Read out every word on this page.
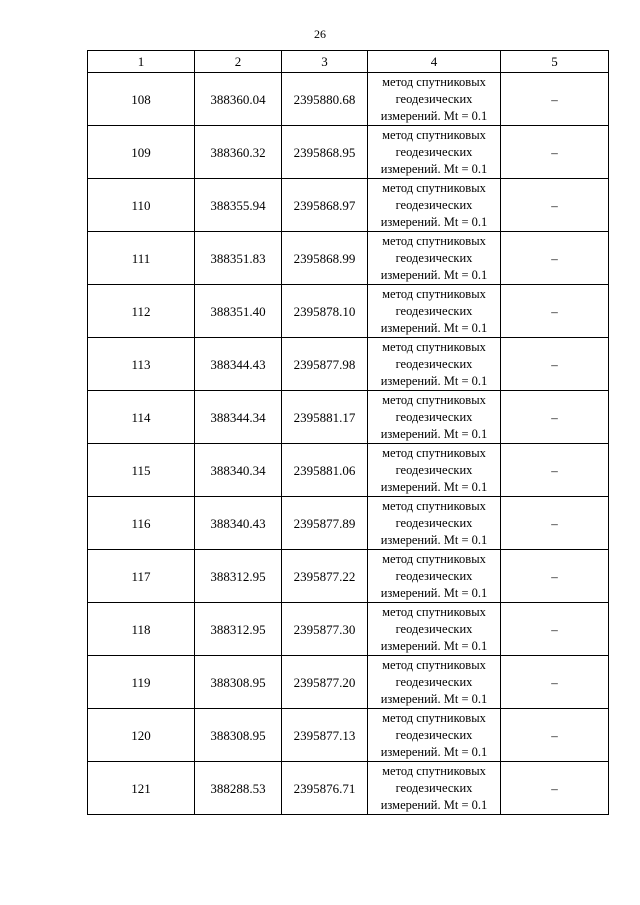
26
1	2	3	4	5
108	388360.04	2395880.68	метод спутниковых
геодезических
измерений. Mt = 0.1	–
109	388360.32	2395868.95	метод спутниковых
геодезических
измерений. Mt = 0.1	–
110	388355.94	2395868.97	метод спутниковых
геодезических
измерений. Mt = 0.1	–
111	388351.83	2395868.99	метод спутниковых
геодезических
измерений. Mt = 0.1	–
112	388351.40	2395878.10	метод спутниковых
геодезических
измерений. Mt = 0.1	–
113	388344.43	2395877.98	метод спутниковых
геодезических
измерений. Mt = 0.1	–
114	388344.34	2395881.17	метод спутниковых
геодезических
измерений. Mt = 0.1	–
115	388340.34	2395881.06	метод спутниковых
геодезических
измерений. Mt = 0.1	–
116	388340.43	2395877.89	метод спутниковых
геодезических
измерений. Mt = 0.1	–
117	388312.95	2395877.22	метод спутниковых
геодезических
измерений. Mt = 0.1	–
118	388312.95	2395877.30	метод спутниковых
геодезических
измерений. Mt = 0.1	–
119	388308.95	2395877.20	метод спутниковых
геодезических
измерений. Mt = 0.1	–
120	388308.95	2395877.13	метод спутниковых
геодезических
измерений. Mt = 0.1	–
121	388288.53	2395876.71	метод спутниковых
геодезических
измерений. Mt = 0.1	–
